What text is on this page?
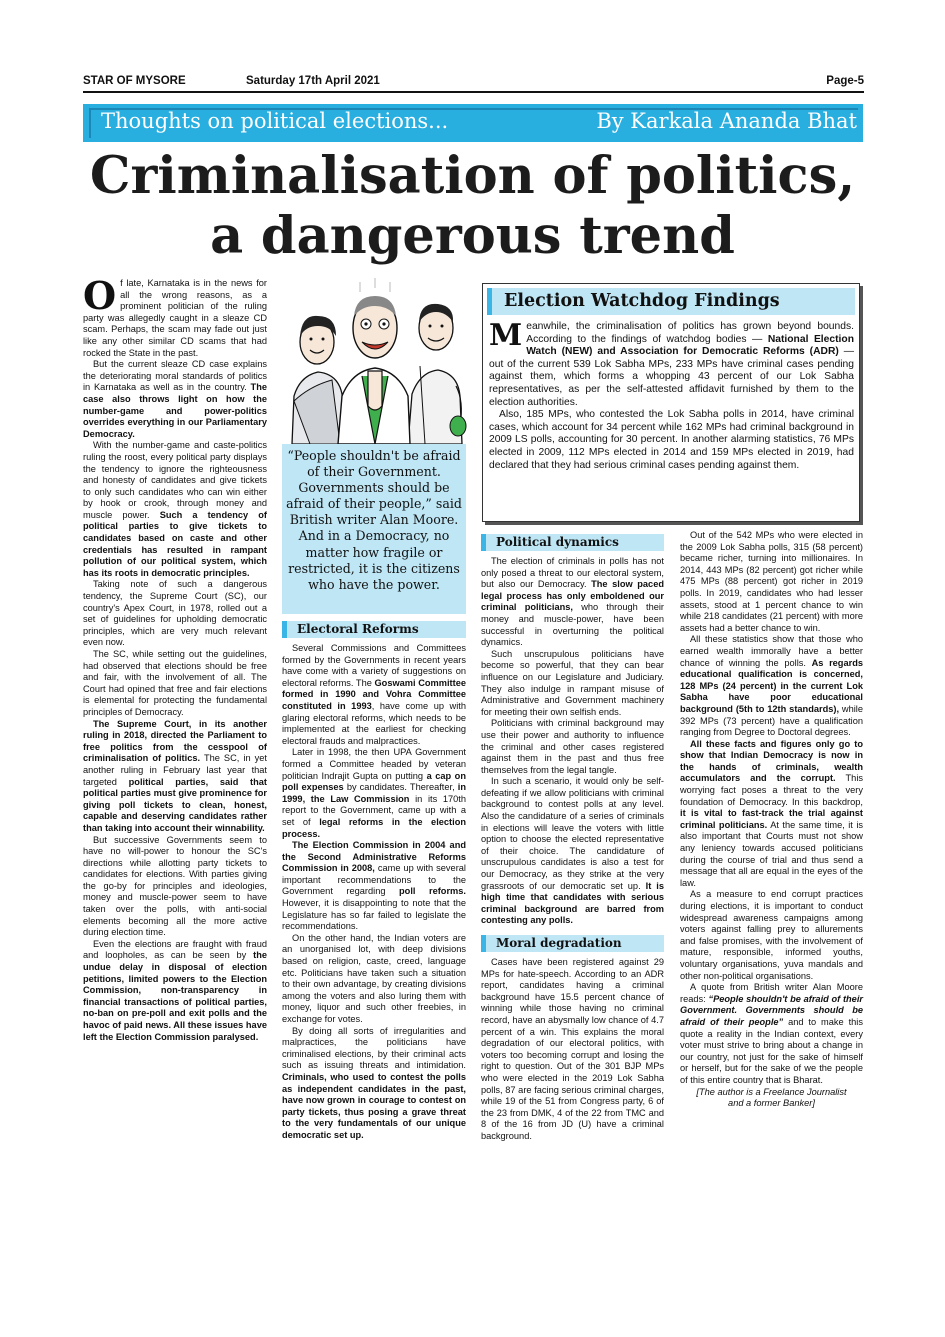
STAR OF MYSORE	Saturday 17th April 2021	Page-5
Thoughts on political elections...	By Karkala Ananda Bhat
Criminalisation of politics,
a dangerous trend

Of late, Karnataka is in the news for all the wrong reasons, as a prominent politician of the ruling party was allegedly caught in a sleaze CD scam. Perhaps, the scam may fade out just like any other similar CD scams that had rocked the State in the past.

But the current sleaze CD case explains the deteriorating moral standards of politics in Karnataka as well as in the country. The case also throws light on how the number-game and power-politics overrides everything in our Parliamentary Democracy.

With the number-game and caste-politics ruling the roost, every political party displays the tendency to ignore the righteousness and honesty of candidates and give tickets to only such candidates who can win either by hook or crook, through money and muscle power. Such a tendency of political parties to give tickets to candidates based on caste and other credentials has resulted in rampant pollution of our political system, which has its roots in democratic principles.

Taking note of such a dangerous tendency, the Supreme Court (SC), our country's Apex Court, in 1978, rolled out a set of guidelines for upholding democratic principles, which are very much relevant even now.

The SC, while setting out the guidelines, had observed that elections should be free and fair, with the involvement of all. The Court had opined that free and fair elections is elemental for protecting the fundamental principles of Democracy.

The Supreme Court, in its another ruling in 2018, directed the Parliament to free politics from the cesspool of criminalisation of politics. The SC, in yet another ruling in February last year that targeted political parties, said that political parties must give prominence for giving poll tickets to clean, honest, capable and deserving candidates rather than taking into account their winnability.

But successive Governments seem to have no will-power to honour the SC's directions while allotting party tickets to candidates for elections. With parties giving the go-by for principles and ideologies, money and muscle-power seem to have taken over the polls, with anti-social elements becoming all the more active during election time.

Even the elections are fraught with fraud and loopholes, as can be seen by the undue delay in disposal of election petitions, limited powers to the Election Commission, non-transparency in financial transactions of political parties, no-ban on pre-poll and exit polls and the havoc of paid news. All these issues have left the Election Commission paralysed.

“People shouldn't be afraid of their Government. Governments should be afraid of their people,” said British writer Alan Moore. And in a Democracy, no matter how fragile or restricted, it is the citizens who have the power.
Electoral Reforms

Several Commissions and Committees formed by the Governments in recent years have come with a variety of suggestions on electoral reforms. The Goswami Committee formed in 1990 and Vohra Committee constituted in 1993, have come up with glaring electoral reforms, which needs to be implemented at the earliest for checking electoral frauds and malpractices.

Later in 1998, the then UPA Government formed a Committee headed by veteran politician Indrajit Gupta on putting a cap on poll expenses by candidates. Thereafter, in 1999, the Law Commission in its 170th report to the Government, came up with a set of legal reforms in the election process.

The Election Commission in 2004 and the Second Administrative Reforms Commission in 2008, came up with several important recommendations to the Government regarding poll reforms. However, it is disappointing to note that the Legislature has so far failed to legislate the recommendations.

On the other hand, the Indian voters are an unorganised lot, with deep divisions based on religion, caste, creed, language etc. Politicians have taken such a situation to their own advantage, by creating divisions among the voters and also luring them with money, liquor and such other freebies, in exchange for votes.

By doing all sorts of irregularities and malpractices, the politicians have criminalised elections, by their criminal acts such as issuing threats and intimidation. Criminals, who used to contest the polls as independent candidates in the past, have now grown in courage to contest on party tickets, thus posing a grave threat to the very fundamentals of our unique democratic set up.

Election Watchdog Findings

Meanwhile, the criminalisation of politics has grown beyond bounds. According to the findings of watchdog bodies — National Election Watch (NEW) and Association for Democratic Reforms (ADR) — out of the current 539 Lok Sabha MPs, 233 MPs have criminal cases pending against them, which forms a whopping 43 percent of our Lok Sabha representatives, as per the self-attested affidavit furnished by them to the election authorities.

Also, 185 MPs, who contested the Lok Sabha polls in 2014, have criminal cases, which account for 34 percent while 162 MPs had criminal background in 2009 LS polls, accounting for 30 percent. In another alarming statistics, 76 MPs elected in 2009, 112 MPs elected in 2014 and 159 MPs elected in 2019, had declared that they had serious criminal cases pending against them.

Political dynamics

The election of criminals in polls has not only posed a threat to our electoral system, but also our Democracy. The slow paced legal process has only emboldened our criminal politicians, who through their money and muscle-power, have been successful in overturning the political dynamics.

Such unscrupulous politicians have become so powerful, that they can bear influence on our Legislature and Judiciary. They also indulge in rampant misuse of Administrative and Government machinery for meeting their own selfish ends.

Politicians with criminal background may use their power and authority to influence the criminal and other cases registered against them in the past and thus free themselves from the legal tangle.

In such a scenario, it would only be self-defeating if we allow politicians with criminal background to contest polls at any level. Also the candidature of a series of criminals in elections will leave the voters with little option to choose the elected representative of their choice. The candidature of unscrupulous candidates is also a test for our Democracy, as they strike at the very grassroots of our democratic set up. It is high time that candidates with serious criminal background are barred from contesting any polls.

Moral degradation

Cases have been registered against 29 MPs for hate-speech. According to an ADR report, candidates having a criminal background have 15.5 percent chance of winning while those having no criminal record, have an abysmally low chance of 4.7 percent of a win. This explains the moral degradation of our electoral politics, with voters too becoming corrupt and losing the right to question. Out of the 301 BJP MPs who were elected in the 2019 Lok Sabha polls, 87 are facing serious criminal charges, while 19 of the 51 from Congress party, 6 of the 23 from DMK, 4 of the 22 from TMC and 8 of the 16 from JD (U) have a criminal background.

Out of the 542 MPs who were elected in the 2009 Lok Sabha polls, 315 (58 percent) became richer, turning into millionaires. In 2014, 443 MPs (82 percent) got richer while 475 MPs (88 percent) got richer in 2019 polls. In 2019, candidates who had lesser assets, stood at 1 percent chance to win while 218 candidates (21 percent) with more assets had a better chance to win.

All these statistics show that those who earned wealth immorally have a better chance of winning the polls. As regards educational qualification is concerned, 128 MPs (24 percent) in the current Lok Sabha have poor educational background (5th to 12th standards), while 392 MPs (73 percent) have a qualification ranging from Degree to Doctoral degrees.

All these facts and figures only go to show that Indian Democracy is now in the hands of criminals, wealth accumulators and the corrupt. This worrying fact poses a threat to the very foundation of Democracy. In this backdrop, it is vital to fast-track the trial against criminal politicians. At the same time, it is also important that Courts must not show any leniency towards accused politicians during the course of trial and thus send a message that all are equal in the eyes of the law.

As a measure to end corrupt practices during elections, it is important to conduct widespread awareness campaigns among voters against falling prey to allurements and false promises, with the involvement of mature, responsible, informed youths, voluntary organisations, yuva mandals and other non-political organisations.

A quote from British writer Alan Moore reads: “People shouldn't be afraid of their Government. Governments should be afraid of their people” and to make this quote a reality in the Indian context, every voter must strive to bring about a change in our country, not just for the sake of himself or herself, but for the sake of we the people of this entire country that is Bharat.

[The author is a Freelance Journalist

and a former Banker]
